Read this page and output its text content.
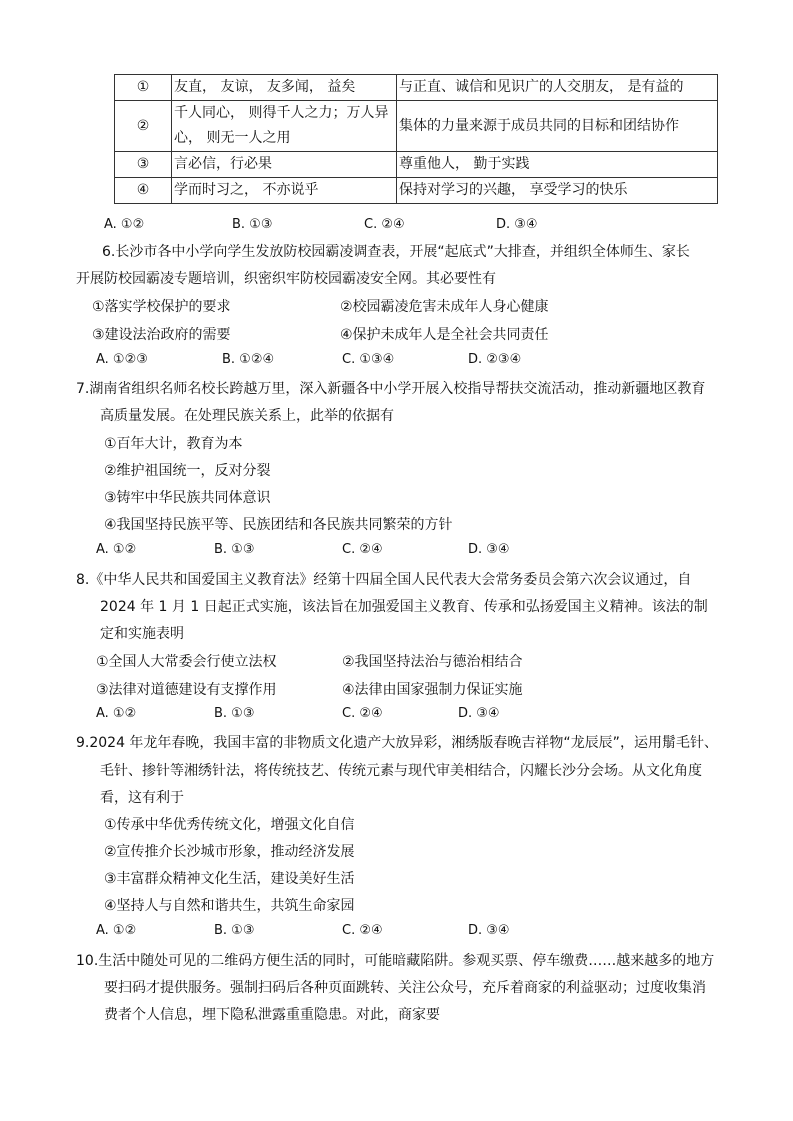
①	友直， 友谅， 友多闻， 益矣	与正直、诚信和见识广的人交朋友， 是有益的
②	千人同心， 则得千人之力；万人异心， 则无一人之用	集体的力量来源于成员共同的目标和团结协作
③	言必信，行必果	尊重他人， 勤于实践
④	学而时习之， 不亦说乎	保持对学习的兴趣， 享受学习的快乐
A. ①②	B. ①③	C. ②④	D. ③④
6.长沙市各中小学向学生发放防校园霸凌调查表，开展“起底式”大排查，并组织全体师生、家长
开展防校园霸凌专题培训，织密织牢防校园霸凌安全网。其必要性有
①落实学校保护的要求	②校园霸凌危害未成年人身心健康
③建设法治政府的需要	④保护未成年人是全社会共同责任
A. ①②③	B. ①②④	C. ①③④	D. ②③④
7.湖南省组织名师名校长跨越万里，深入新疆各中小学开展入校指导帮扶交流活动，推动新疆地区教育
高质量发展。在处理民族关系上，此举的依据有
①百年大计，教育为本
②维护祖国统一，反对分裂
③铸牢中华民族共同体意识
④我国坚持民族平等、民族团结和各民族共同繁荣的方针
A. ①②	B. ①③	C. ②④	D. ③④
8.《中华人民共和国爱国主义教育法》经第十四届全国人民代表大会常务委员会第六次会议通过，自
2024 年 1 月 1 日起正式实施，该法旨在加强爱国主义教育、传承和弘扬爱国主义精神。该法的制
定和实施表明
①全国人大常委会行使立法权	②我国坚持法治与德治相结合
③法律对道德建设有支撑作用	④法律由国家强制力保证实施
A. ①②	B. ①③	C. ②④	D. ③④
9.2024 年龙年春晚，我国丰富的非物质文化遗产大放异彩，湘绣版春晚吉祥物“龙辰辰”，运用鬅毛针、
毛针、掺针等湘绣针法，将传统技艺、传统元素与现代审美相结合，闪耀长沙分会场。从文化角度
看，这有利于
①传承中华优秀传统文化，增强文化自信
②宣传推介长沙城市形象，推动经济发展
③丰富群众精神文化生活，建设美好生活
④坚持人与自然和谐共生，共筑生命家园
A. ①②	B. ①③	C. ②④	D. ③④
10.生活中随处可见的二维码方便生活的同时，可能暗藏陷阱。参观买票、停车缴费……越来越多的地方
要扫码才提供服务。强制扫码后各种页面跳转、关注公众号，充斥着商家的利益驱动；过度收集消
费者个人信息，埋下隐私泄露重重隐患。对此，商家要
